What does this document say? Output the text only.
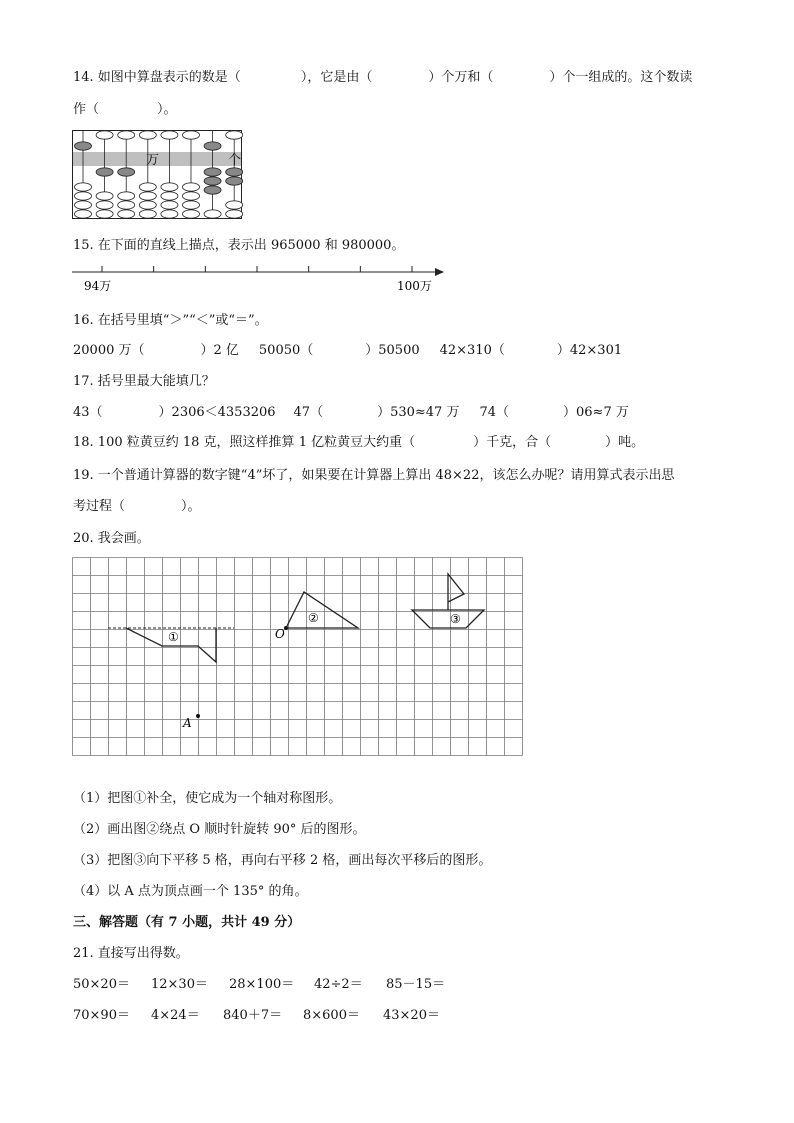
14. 如图中算盘表示的数是（	），它是由（	）个万和（	）个一组成的。这个数读
作（	）。
万	个
15. 在下面的直线上描点，表示出 965000 和 980000。
94万	100万
16. 在括号里填“＞”“＜”或“＝”。
20000 万（	）2 亿 50050（	）50500 42×310（	）42×301
17. 括号里最大能填几？
43（	）2306＜4353206 47（	）530≈47 万 74（	）06≈7 万
18. 100 粒黄豆约 18 克，照这样推算 1 亿粒黄豆大约重（	）千克，合（	）吨。
19. 一个普通计算器的数字键“4”坏了，如果要在计算器上算出 48×22，该怎么办呢？请用算式表示出思
考过程（	）。
20. 我会画。
①	O
②	③
A
（1）把图①补全，使它成为一个轴对称图形。
（2）画出图②绕点 O 顺时针旋转 90° 后的图形。
（3）把图③向下平移 5 格，再向右平移 2 格，画出每次平移后的图形。
（4）以 A 点为顶点画一个 135° 的角。
三、解答题（有 7 小题，共计 49 分）
21. 直接写出得数。
50×20＝ 12×30＝ 28×100＝ 42÷2＝ 85－15＝
70×90＝ 4×24＝ 840＋7＝ 8×600＝ 43×20＝
